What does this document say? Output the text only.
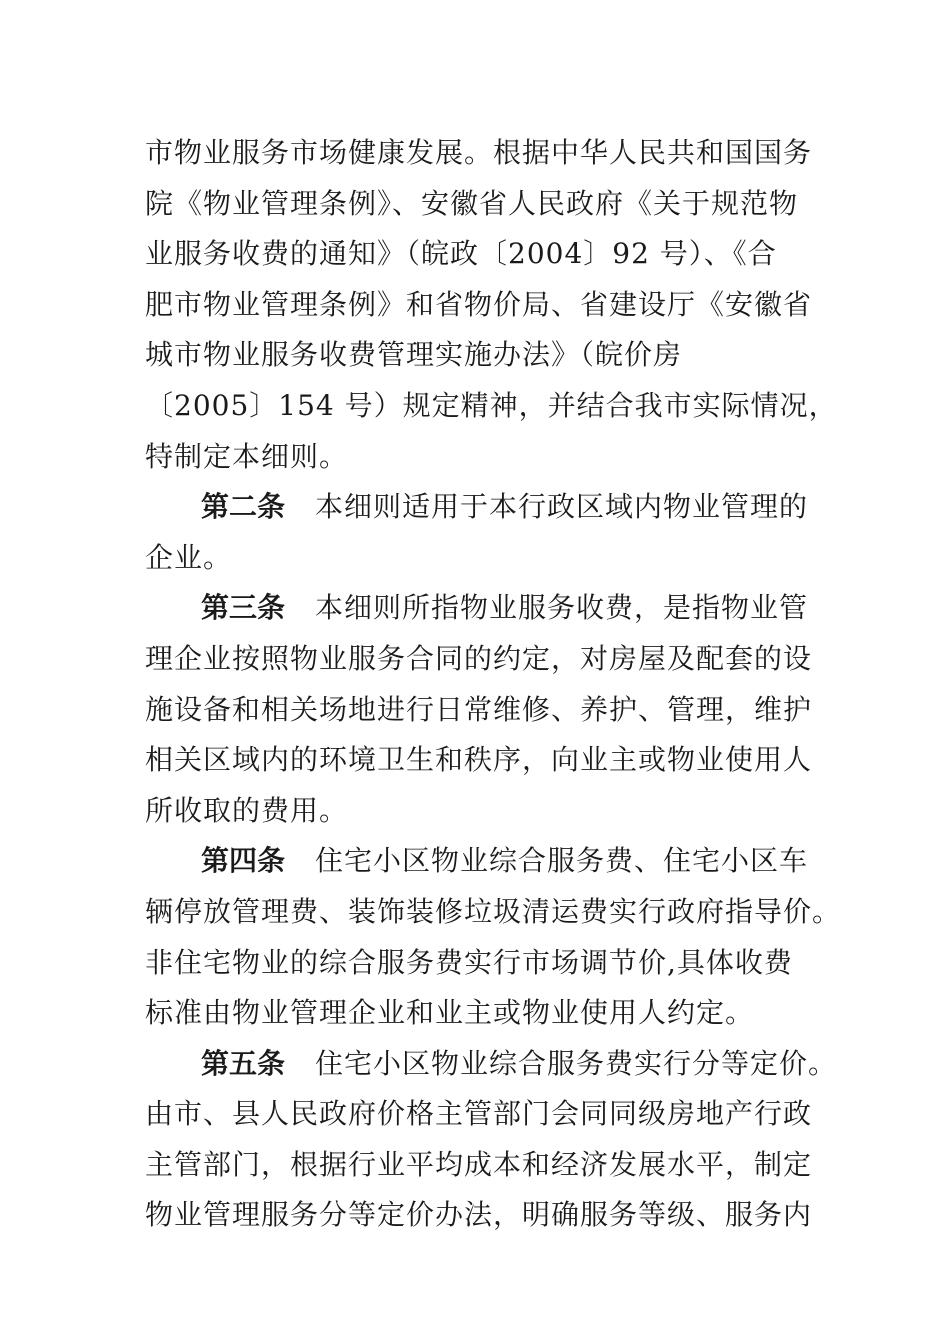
市物业服务市场健康发展。根据中华人民共和国国务
院《物业管理条例》、安徽省人民政府《关于规范物
业服务收费的通知》（皖政〔2004〕92 号）、《合
肥市物业管理条例》和省物价局、省建设厅《安徽省
城市物业服务收费管理实施办法》（皖价房
〔2005〕154 号）规定精神，并结合我市实际情况，
特制定本细则。
第二条 本细则适用于本行政区域内物业管理的
企业。
第三条 本细则所指物业服务收费，是指物业管
理企业按照物业服务合同的约定，对房屋及配套的设
施设备和相关场地进行日常维修、养护、管理，维护
相关区域内的环境卫生和秩序，向业主或物业使用人
所收取的费用。
第四条 住宅小区物业综合服务费、住宅小区车
辆停放管理费、装饰装修垃圾清运费实行政府指导价。
非住宅物业的综合服务费实行市场调节价,具体收费
标准由物业管理企业和业主或物业使用人约定。
第五条 住宅小区物业综合服务费实行分等定价。
由市、县人民政府价格主管部门会同同级房地产行政
主管部门，根据行业平均成本和经济发展水平，制定
物业管理服务分等定价办法，明确服务等级、服务内
